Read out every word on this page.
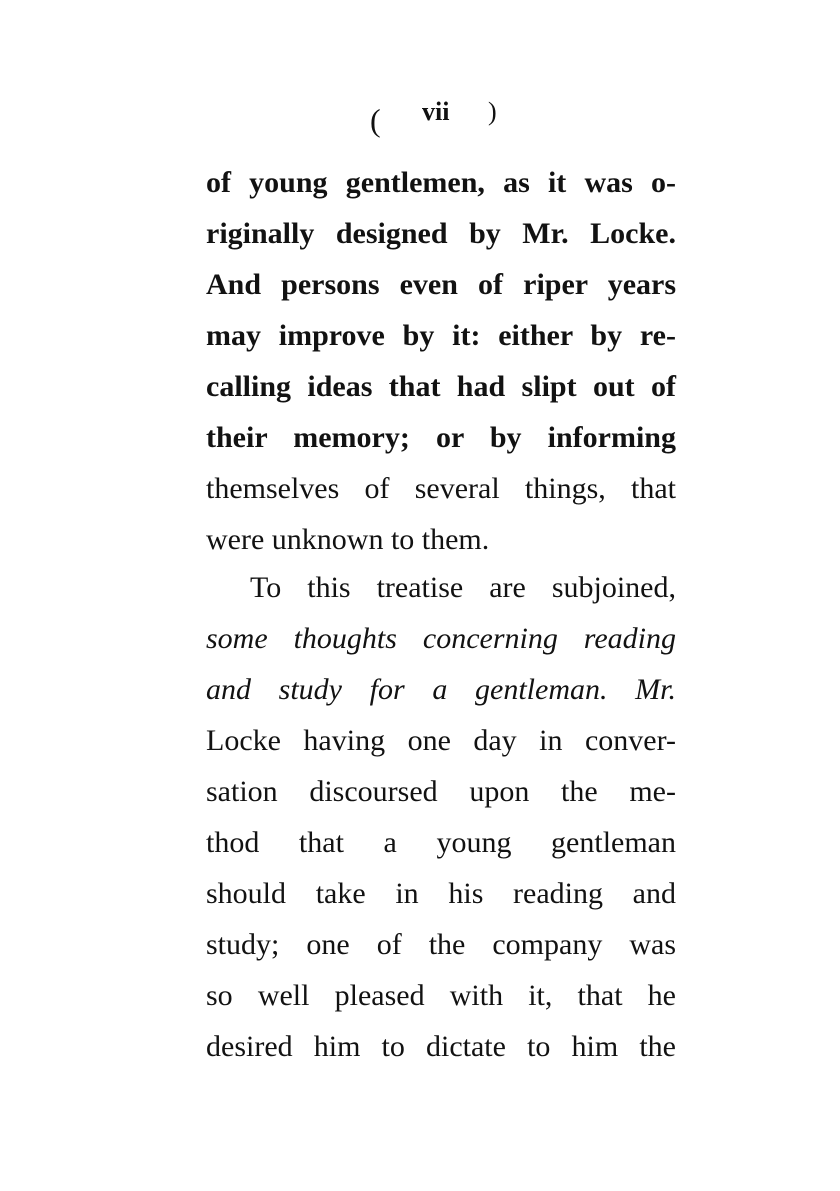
( vii )
of young gentlemen, as it was o-
riginally designed by Mr. Locke.
And persons even of riper years
may improve by it: either by re-
calling ideas that had slipt out of
their memory; or by informing
themselves of several things, that
were unknown to them.
To this treatise are subjoined,
some thoughts concerning reading
and study for a gentleman. Mr.
Locke having one day in conver-
sation discoursed upon the me-
thod that a young gentleman
should take in his reading and
study; one of the company was
so well pleased with it, that he
desired him to dictate to him the
